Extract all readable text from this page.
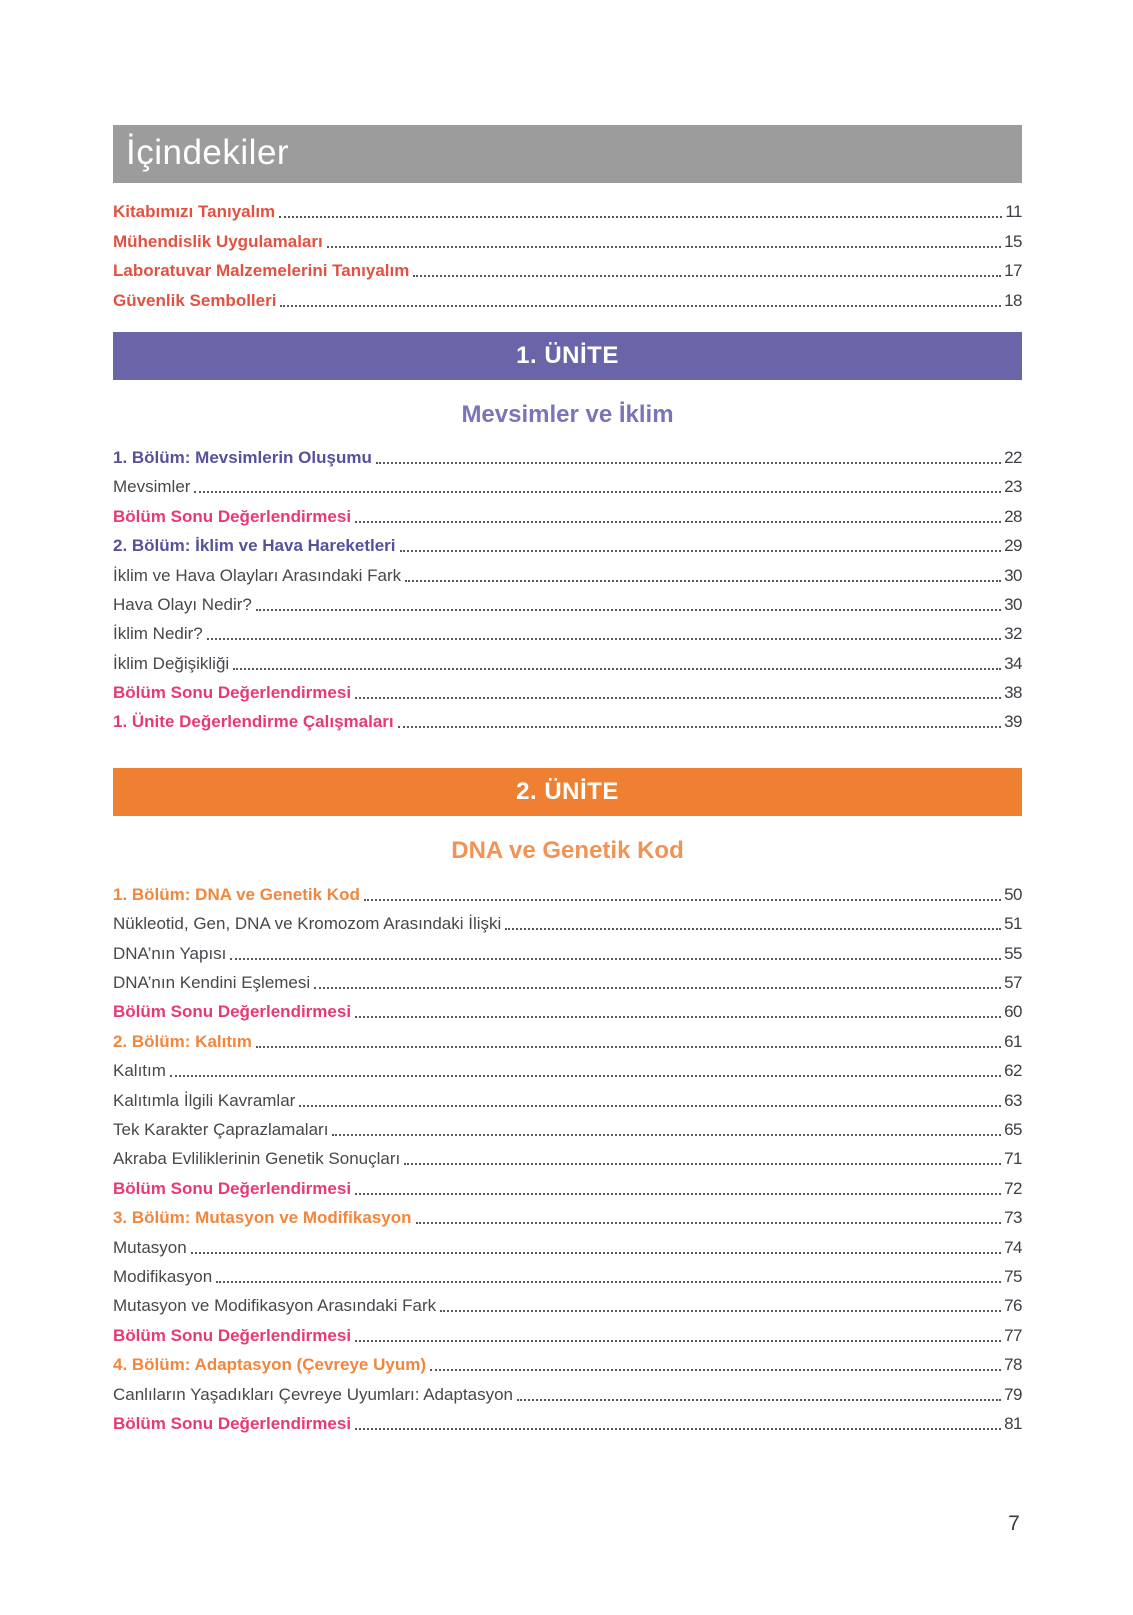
İçindekiler
Kitabımızı Tanıyalım	11
Mühendislik Uygulamaları	15
Laboratuvar Malzemelerini Tanıyalım	17
Güvenlik Sembolleri	18
1. ÜNİTE
Mevsimler ve İklim
1. Bölüm: Mevsimlerin Oluşumu	22
Mevsimler	23
Bölüm Sonu Değerlendirmesi	28
2. Bölüm: İklim ve Hava Hareketleri	29
İklim ve Hava Olayları Arasındaki Fark	30
Hava Olayı Nedir?	30
İklim Nedir?	32
İklim Değişikliği	34
Bölüm Sonu Değerlendirmesi	38
1. Ünite Değerlendirme Çalışmaları	39
2. ÜNİTE
DNA ve Genetik Kod
1. Bölüm: DNA ve Genetik Kod	50
Nükleotid, Gen, DNA ve Kromozom Arasındaki İlişki	51
DNA’nın Yapısı	55
DNA’nın Kendini Eşlemesi	57
Bölüm Sonu Değerlendirmesi	60
2. Bölüm: Kalıtım	61
Kalıtım	62
Kalıtımla İlgili Kavramlar	63
Tek Karakter Çaprazlamaları	65
Akraba Evliliklerinin Genetik Sonuçları	71
Bölüm Sonu Değerlendirmesi	72
3. Bölüm: Mutasyon ve Modifikasyon	73
Mutasyon	74
Modifikasyon	75
Mutasyon ve Modifikasyon Arasındaki Fark	76
Bölüm Sonu Değerlendirmesi	77
4. Bölüm: Adaptasyon (Çevreye Uyum)	78
Canlıların Yaşadıkları Çevreye Uyumları: Adaptasyon	79
Bölüm Sonu Değerlendirmesi	81
7
